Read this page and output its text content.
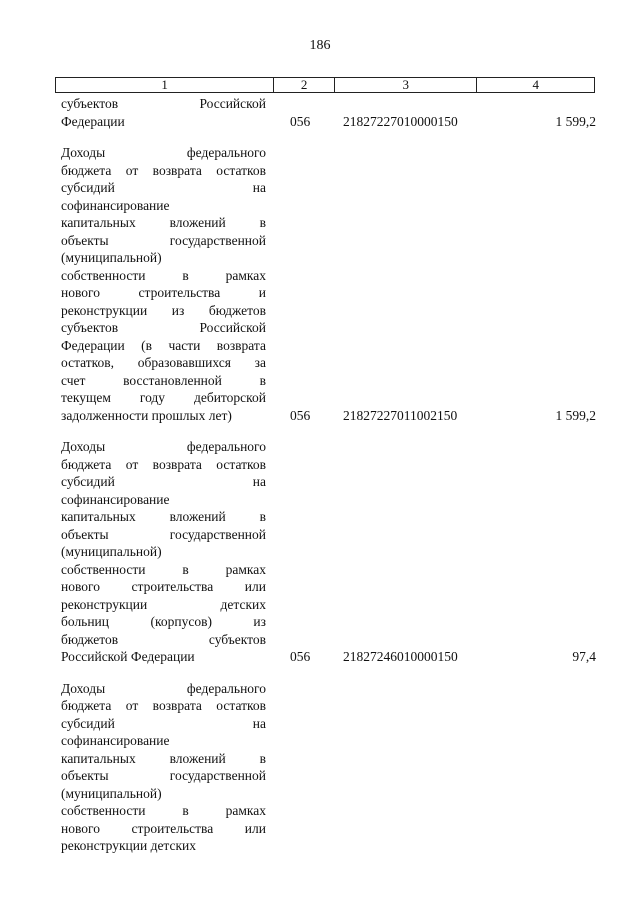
186
1	2	3	4
субъектов Российской
Федерации	056 21827227010000150	1 599,2
Доходы федерального
бюджета от возврата остатков
субсидий на
софинансирование
капитальных вложений в
объекты государственной
(муниципальной)
собственности в рамках
нового строительства и
реконструкции из бюджетов
субъектов Российской
Федерации (в части возврата
остатков, образовавшихся за
счет восстановленной в
текущем году дебиторской
задолженности прошлых лет)	056 21827227011002150	1 599,2
Доходы федерального
бюджета от возврата остатков
субсидий на
софинансирование
капитальных вложений в
объекты государственной
(муниципальной)
собственности в рамках
нового строительства или
реконструкции детских
больниц (корпусов) из
бюджетов субъектов
Российской Федерации	056 21827246010000150	97,4
Доходы федерального
бюджета от возврата остатков
субсидий на
софинансирование
капитальных вложений в
объекты государственной
(муниципальной)
собственности в рамках
нового строительства или
реконструкции детских
